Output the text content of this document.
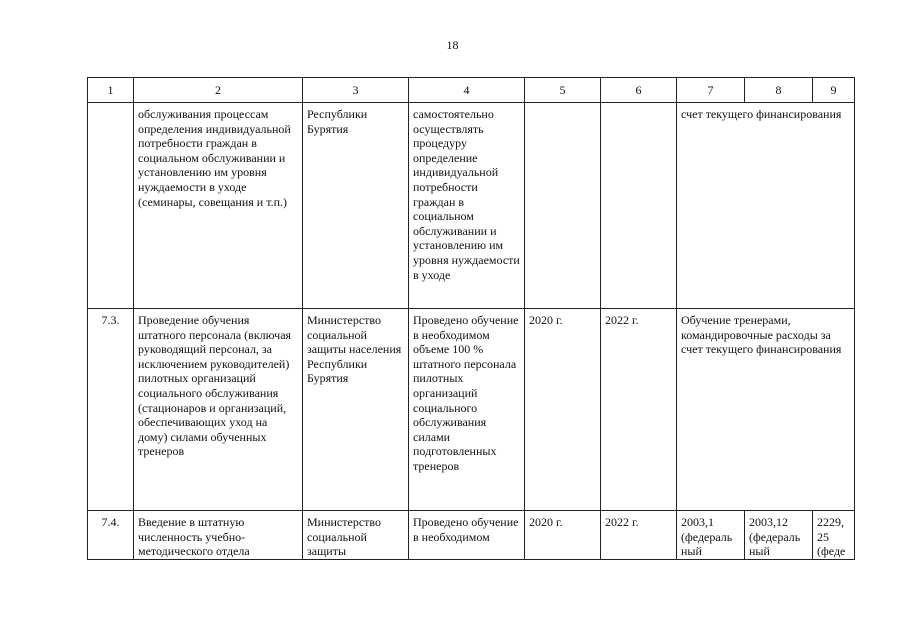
18
1	2	3	4	5	6	7	8	9
	обслуживания процессам определения индивидуальной потребности граждан в социальном обслуживании и установлению им уровня нуждаемости в уходе (семинары, совещания и т.п.)	Республики Бурятия	самостоятельно осуществлять процедуру определение индивидуальной потребности граждан в социальном обслуживании и установлению им уровня нуждаемости в уходе			счет текущего финансирования		
7.3.	Проведение обучения штатного персонала (включая руководящий персонал, за исключением руководителей) пилотных организаций социального обслуживания (стационаров и организаций, обеспечивающих уход на дому) силами обученных тренеров	Министерство социальной защиты населения Республики Бурятия	Проведено обучение в необходимом объеме 100 % штатного персонала пилотных организаций социального обслуживания силами подготовленных тренеров	2020 г.	2022 г.	Обучение тренерами, командировочные расходы за счет текущего финансирования		
7.4.	Введение в штатную численность учебно-методического отдела	Министерство социальной защиты	Проведено обучение в необходимом	2020 г.	2022 г.	2003,1 (федераль ный	2003,12 (федераль ный	2229, 25 (феде
